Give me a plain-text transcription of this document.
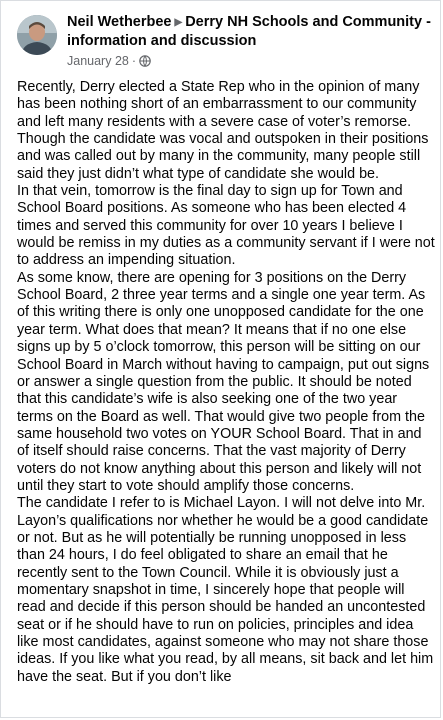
Neil Wetherbee ▶ Derry NH Schools and Community - information and discussion
January 28 ·

Recently, Derry elected a State Rep who in the opinion of many has been nothing short of an embarrassment to our community and left many residents with a severe case of voter’s remorse. Though the candidate was vocal and outspoken in their positions and was called out by many in the community, many people still said they just didn’t what type of candidate she would be.

In that vein, tomorrow is the final day to sign up for Town and School Board positions. As someone who has been elected 4 times and served this community for over 10 years I believe I would be remiss in my duties as a community servant if I were not to address an impending situation.

As some know, there are opening for 3 positions on the Derry School Board, 2 three year terms and a single one year term. As of this writing there is only one unopposed candidate for the one year term. What does that mean? It means that if no one else signs up by 5 o’clock tomorrow, this person will be sitting on our School Board in March without having to campaign, put out signs or answer a single question from the public. It should be noted that this candidate’s wife is also seeking one of the two year terms on the Board as well. That would give two people from the same household two votes on YOUR School Board. That in and of itself should raise concerns. That the vast majority of Derry voters do not know anything about this person and likely will not until they start to vote should amplify those concerns.

The candidate I refer to is Michael Layon. I will not delve into Mr. Layon’s qualifications nor whether he would be a good candidate or not. But as he will potentially be running unopposed in less than 24 hours, I do feel obligated to share an email that he recently sent to the Town Council. While it is obviously just a momentary snapshot in time, I sincerely hope that people will read and decide if this person should be handed an uncontested seat or if he should have to run on policies, principles and idea like most candidates, against someone who may not share those ideas. If you like what you read, by all means, sit back and let him have the seat. But if you don’t like
